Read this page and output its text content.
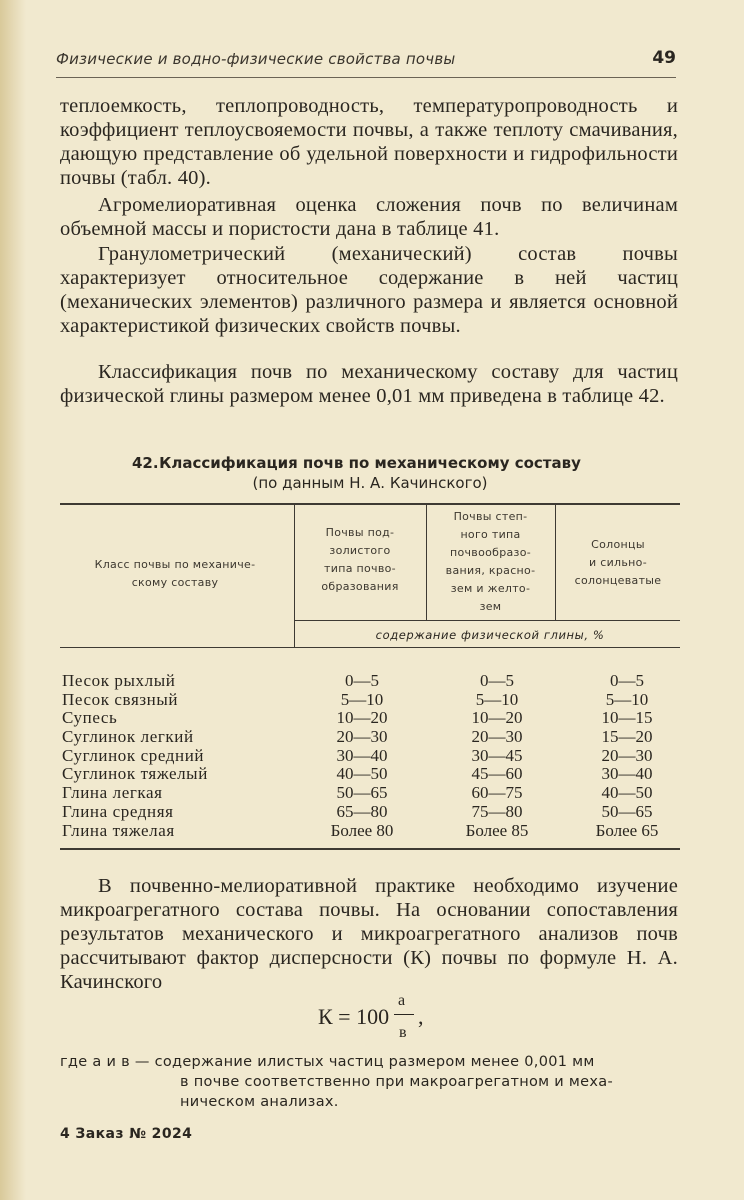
Физические и водно-физические свойства почвы	49

теплоемкость, теплопроводность, температуропроводность и коэффициент теплоусвояемости почвы, а также теплоту смачивания, дающую представление об удельной поверхности и гидрофильности почвы (табл. 40).

Агромелиоративная оценка сложения почв по величинам объемной массы и пористости дана в таблице 41.

Гранулометрический (механический) состав почвы характеризует относительное содержание в ней частиц (механических элементов) различного размера и является основной характеристикой физических свойств почвы.

Классификация почв по механическому составу для частиц физической глины размером менее 0,01 мм приведена в таблице 42.

42. Классификация почв по механическому составу
(по данным Н. А. Качинского)
Класс почвы по механиче-
скому составу
Почвы под-
золистого
типа почво-
образования
Почвы степ-
ного типа
почвообразо-
вания, красно-
зем и желто-
зем
Солонцы
и сильно-
солонцеватые
содержание физической глины, %
Песок рыхлый	0—5	0—5	0—5
Песок связный	5—10	5—10	5—10
Супесь	10—20	10—20	10—15
Суглинок легкий	20—30	20—30	15—20
Суглинок средний	30—40	30—45	20—30
Суглинок тяжелый	40—50	45—60	30—40
Глина легкая	50—65	60—75	40—50
Глина средняя	65—80	75—80	50—65
Глина тяжелая	Более 80	Более 85	Более 65

В почвенно-мелиоративной практике необходимо изучение микроагрегатного состава почвы. На основании сопоставления результатов механического и микроагрегатного анализов почв рассчитывают фактор дисперсности (К) почвы по формуле Н. А. Качинского

К = 100
а
в
,
где а и в — содержание илистых частиц размером менее 0,001 мм
в почве соответственно при макроагрегатном и меха-
ническом анализах.
4 Заказ № 2024
